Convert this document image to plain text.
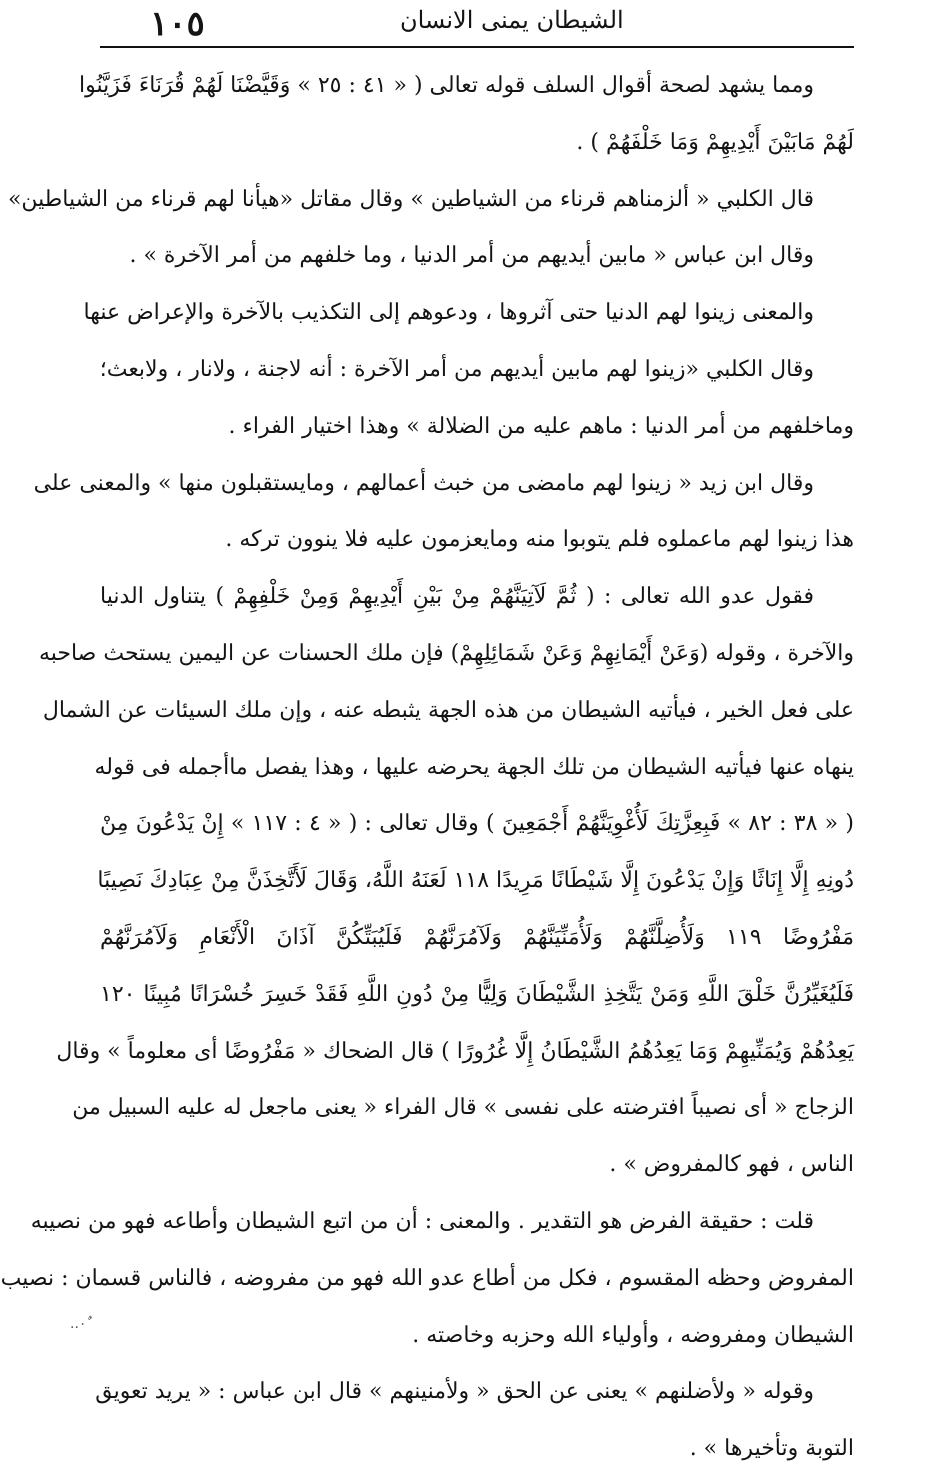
١٠٥	الشيطان يمنى الانسان
ومما يشهد لصحة أقوال السلف قوله تعالى ( « ٤١ : ٢٥ » وَقَيَّضْنَا لَهُمْ قُرَنَاءَ فَزَيَّنُوا
لَهُمْ مَابَيْنَ أَيْدِيهِمْ وَمَا خَلْفَهُمْ ) .
قال الكلبي « ألزمناهم قرناء من الشياطين » وقال مقاتل «هيأنا لهم قرناء من الشياطين»
وقال ابن عباس « مابين أيديهم من أمر الدنيا ، وما خلفهم من أمر الآخرة » .
والمعنى زينوا لهم الدنيا حتى آثروها ، ودعوهم إلى التكذيب بالآخرة والإعراض عنها
وقال الكلبي «زينوا لهم مابين أيديهم من أمر الآخرة : أنه لاجنة ، ولانار ، ولابعث؛
وماخلفهم من أمر الدنيا : ماهم عليه من الضلالة » وهذا اختيار الفراء .
وقال ابن زيد « زينوا لهم مامضى من خبث أعمالهم ، ومايستقبلون منها » والمعنى على
هذا زينوا لهم ماعملوه فلم يتوبوا منه ومايعزمون عليه فلا ينوون تركه .
فقول عدو الله تعالى : ( ثُمَّ لَآتِيَنَّهُمْ مِنْ بَيْنِ أَيْدِيهِمْ وَمِنْ خَلْفِهِمْ ) يتناول الدنيا
والآخرة ، وقوله (وَعَنْ أَيْمَانِهِمْ وَعَنْ شَمَائِلِهِمْ) فإن ملك الحسنات عن اليمين يستحث صاحبه
على فعل الخير ، فيأتيه الشيطان من هذه الجهة يثبطه عنه ، وإن ملك السيئات عن الشمال
ينهاه عنها فيأتيه الشيطان من تلك الجهة يحرضه عليها ، وهذا يفصل ماأجمله فى قوله
( « ٣٨ : ٨٢ » فَبِعِزَّتِكَ لَأُغْوِيَنَّهُمْ أَجْمَعِينَ ) وقال تعالى : ( « ٤ : ١١٧ » إِنْ يَدْعُونَ مِنْ
دُونِهِ إِلَّا إِنَاثًا وَإِنْ يَدْعُونَ إِلَّا شَيْطَانًا مَرِيدًا ١١٨ لَعَنَهُ اللَّهُ، وَقَالَ لَأَتَّخِذَنَّ مِنْ عِبَادِكَ نَصِيبًا
مَفْرُوضًا ١١٩ وَلَأُضِلَّنَّهُمْ وَلَأُمَنِّيَنَّهُمْ وَلَآمُرَنَّهُمْ فَلَيُبَتِّكُنَّ آذَانَ الْأَنْعَامِ وَلَآمُرَنَّهُمْ
فَلَيُغَيِّرُنَّ خَلْقَ اللَّهِ وَمَنْ يَتَّخِذِ الشَّيْطَانَ وَلِيًّا مِنْ دُونِ اللَّهِ فَقَدْ خَسِرَ خُسْرَانًا مُبِينًا ١٢٠
يَعِدُهُمْ وَيُمَنِّيهِمْ وَمَا يَعِدُهُمُ الشَّيْطَانُ إِلَّا غُرُورًا ) قال الضحاك « مَفْرُوضًا أى معلوماً » وقال
الزجاج « أى نصيباً افترضته على نفسى » قال الفراء « يعنى ماجعل له عليه السبيل من
الناس ، فهو كالمفروض » .
قلت : حقيقة الفرض هو التقدير . والمعنى : أن من اتبع الشيطان وأطاعه فهو من نصيبه
المفروض وحظه المقسوم ، فكل من أطاع عدو الله فهو من مفروضه ، فالناس قسمان : نصيب
الشيطان ومفروضه ، وأولياء الله وحزبه وخاصته .
وقوله « ولأضلنهم » يعنى عن الحق « ولأمنينهم » قال ابن عباس : « يريد تعويق
التوبة وتأخيرها » .
٠ٌ..
